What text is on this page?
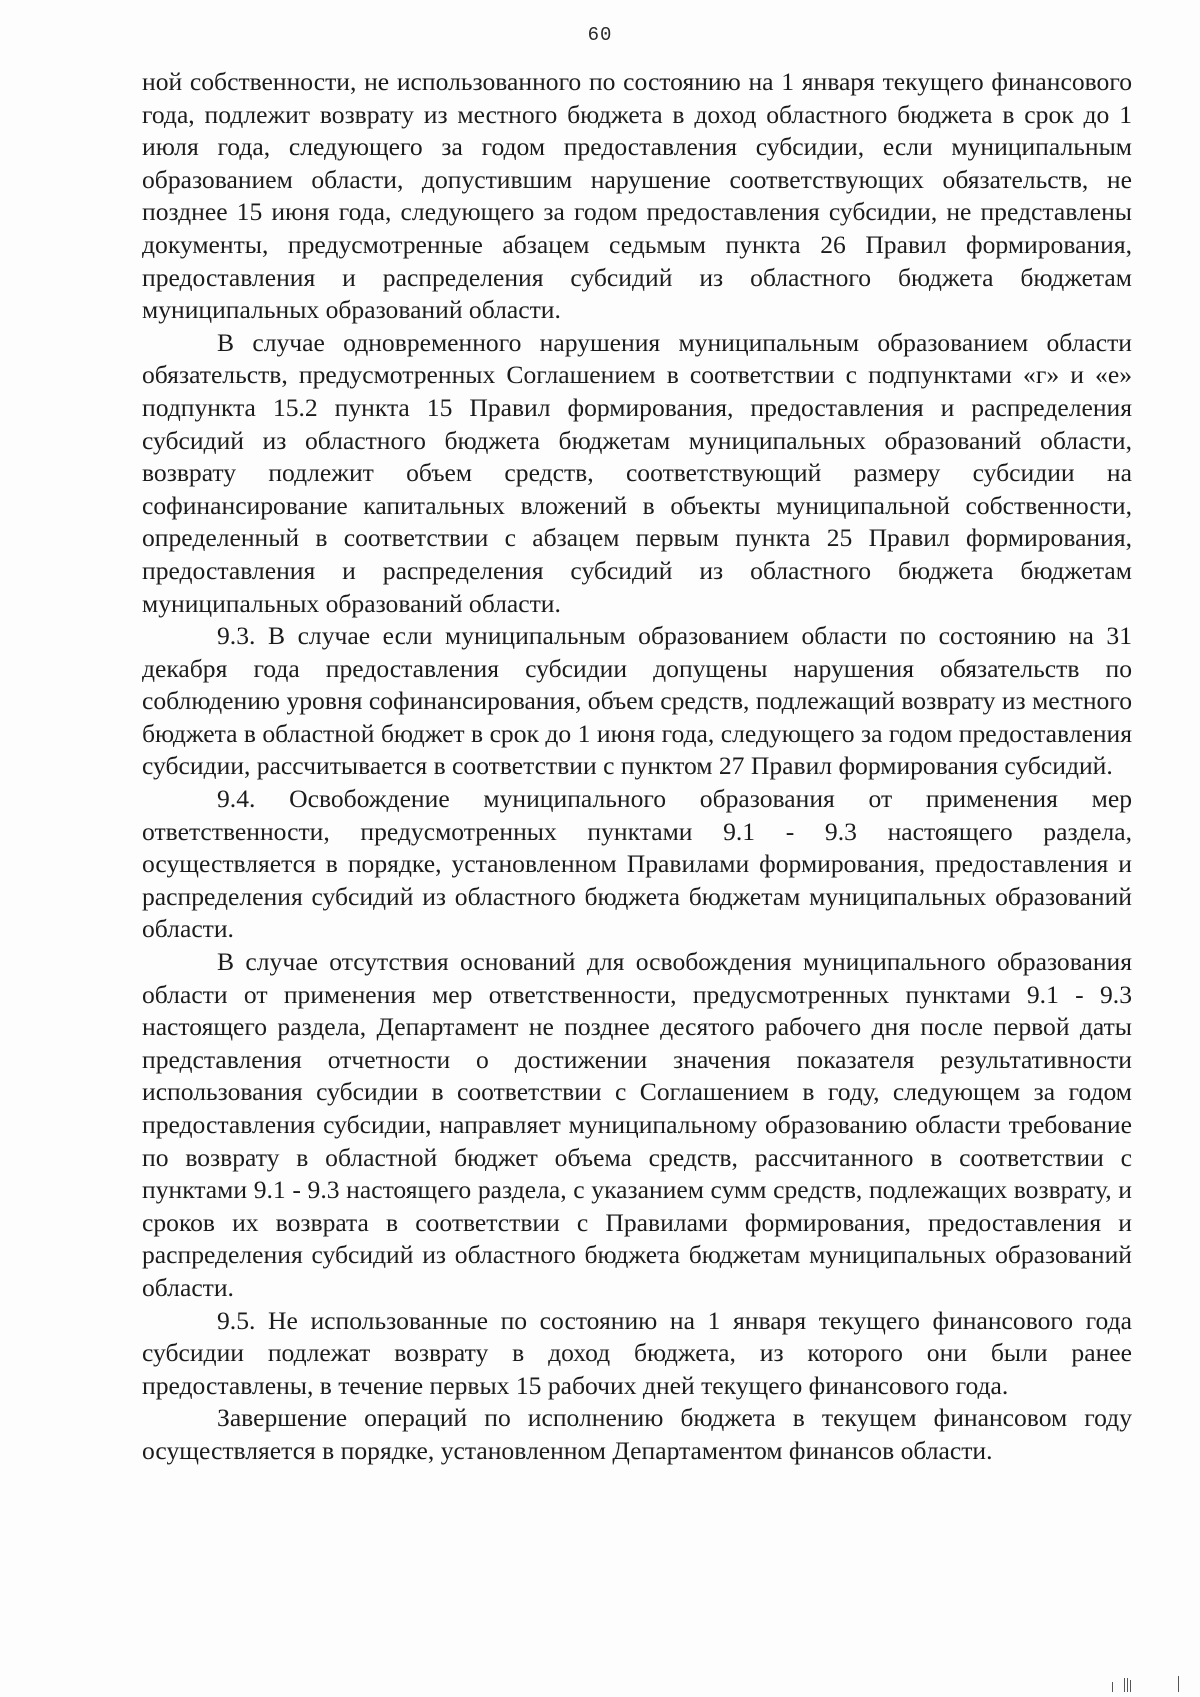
60

ной собственности, не использованного по состоянию на 1 января текущего финансового года, подлежит возврату из местного бюджета в доход областного бюджета в срок до 1 июля года, следующего за годом предоставления субсидии, если муниципальным образованием области, допустившим нарушение соответствующих обязательств, не позднее 15 июня года, следующего за годом предоставления субсидии, не представлены документы, предусмотренные абзацем седьмым пункта 26 Правил формирования, предоставления и распределения субсидий из областного бюджета бюджетам муниципальных образований области.

В случае одновременного нарушения муниципальным образованием области обязательств, предусмотренных Соглашением в соответствии с подпунктами «г» и «е» подпункта 15.2 пункта 15 Правил формирования, предоставления и распределения субсидий из областного бюджета бюджетам муниципальных образований области, возврату подлежит объем средств, соответствующий размеру субсидии на софинансирование капитальных вложений в объекты муниципальной собственности, определенный в соответствии с абзацем первым пункта 25 Правил формирования, предоставления и распределения субсидий из областного бюджета бюджетам муниципальных образований области.

9.3. В случае если муниципальным образованием области по состоянию на 31 декабря года предоставления субсидии допущены нарушения обязательств по соблюдению уровня софинансирования, объем средств, подлежащий возврату из местного бюджета в областной бюджет в срок до 1 июня года, следующего за годом предоставления субсидии, рассчитывается в соответствии с пунктом 27 Правил формирования субсидий.

9.4. Освобождение муниципального образования от применения мер ответственности, предусмотренных пунктами 9.1 - 9.3 настоящего раздела, осуществляется в порядке, установленном Правилами формирования, предоставления и распределения субсидий из областного бюджета бюджетам муниципальных образований области.

В случае отсутствия оснований для освобождения муниципального образования области от применения мер ответственности, предусмотренных пунктами 9.1 - 9.3 настоящего раздела, Департамент не позднее десятого рабочего дня после первой даты представления отчетности о достижении значения показателя результативности использования субсидии в соответствии с Соглашением в году, следующем за годом предоставления субсидии, направляет муниципальному образованию области требование по возврату в областной бюджет объема средств, рассчитанного в соответствии с пунктами 9.1 - 9.3 настоящего раздела, с указанием сумм средств, подлежащих возврату, и сроков их возврата в соответствии с Правилами формирования, предоставления и распределения субсидий из областного бюджета бюджетам муниципальных образований области.

9.5. Не использованные по состоянию на 1 января текущего финансового года субсидии подлежат возврату в доход бюджета, из которого они были ранее предоставлены, в течение первых 15 рабочих дней текущего финансового года.

Завершение операций по исполнению бюджета в текущем финансовом году осуществляется в порядке, установленном Департаментом финансов области.
